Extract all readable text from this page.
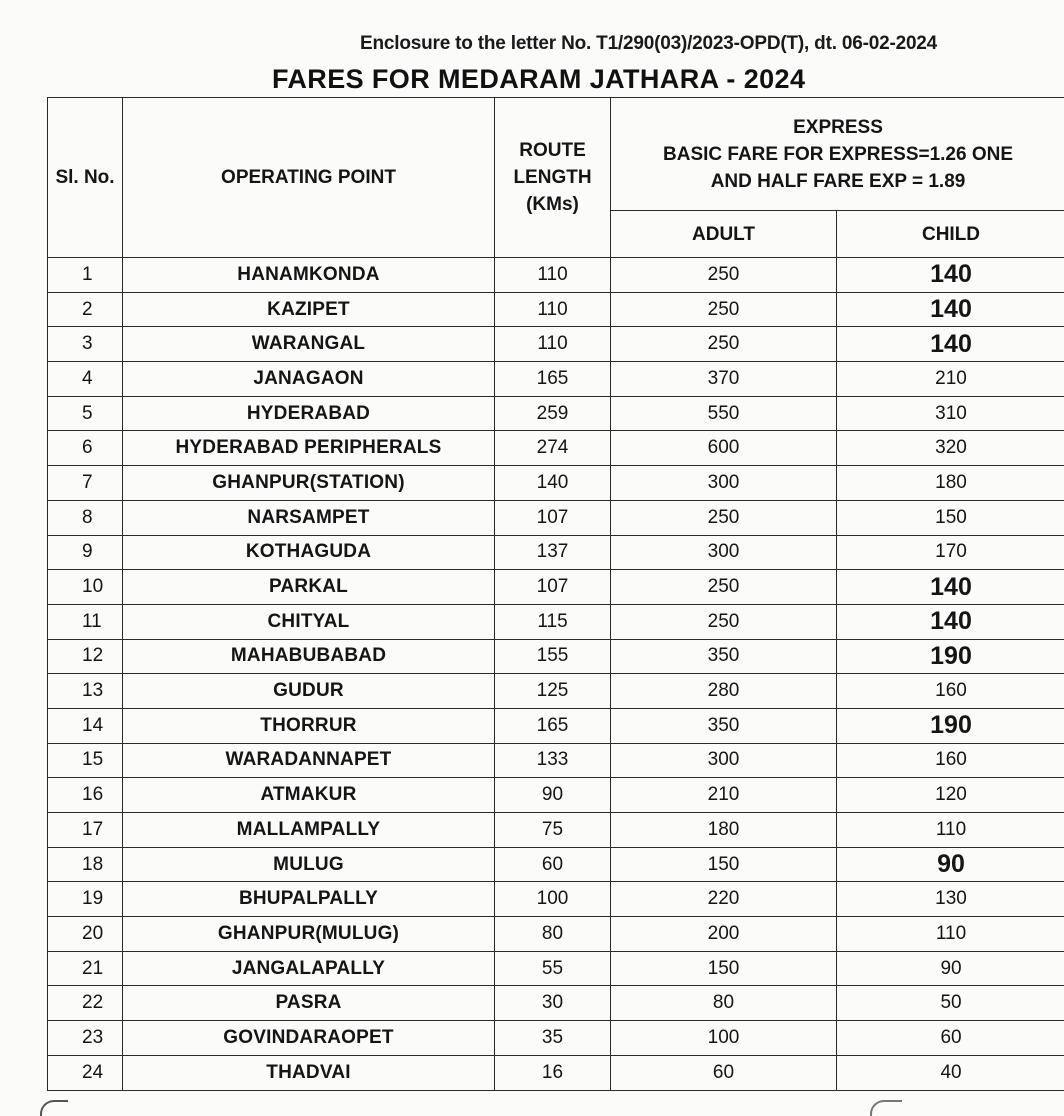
Enclosure to the letter No. T1/290(03)/2023-OPD(T), dt. 06-02-2024
FARES FOR MEDARAM JATHARA - 2024
Sl. No.	OPERATING POINT	ROUTE
LENGTH
(KMs)	EXPRESS
BASIC FARE FOR EXPRESS=1.26 ONE
AND HALF FARE EXP = 1.89	

			ADULT	CHILD
1	HANAMKONDA	110	250	140
2	KAZIPET	110	250	140
3	WARANGAL	110	250	140
4	JANAGAON	165	370	210
5	HYDERABAD	259	550	310
6	HYDERABAD PERIPHERALS	274	600	320
7	GHANPUR(STATION)	140	300	180
8	NARSAMPET	107	250	150
9	KOTHAGUDA	137	300	170
10	PARKAL	107	250	140
11	CHITYAL	115	250	140
12	MAHABUBABAD	155	350	190
13	GUDUR	125	280	160
14	THORRUR	165	350	190
15	WARADANNAPET	133	300	160
16	ATMAKUR	90	210	120
17	MALLAMPALLY	75	180	110
18	MULUG	60	150	90
19	BHUPALPALLY	100	220	130
20	GHANPUR(MULUG)	80	200	110
21	JANGALAPALLY	55	150	90
22	PASRA	30	80	50
23	GOVINDARAOPET	35	100	60
24	THADVAI	16	60	40
